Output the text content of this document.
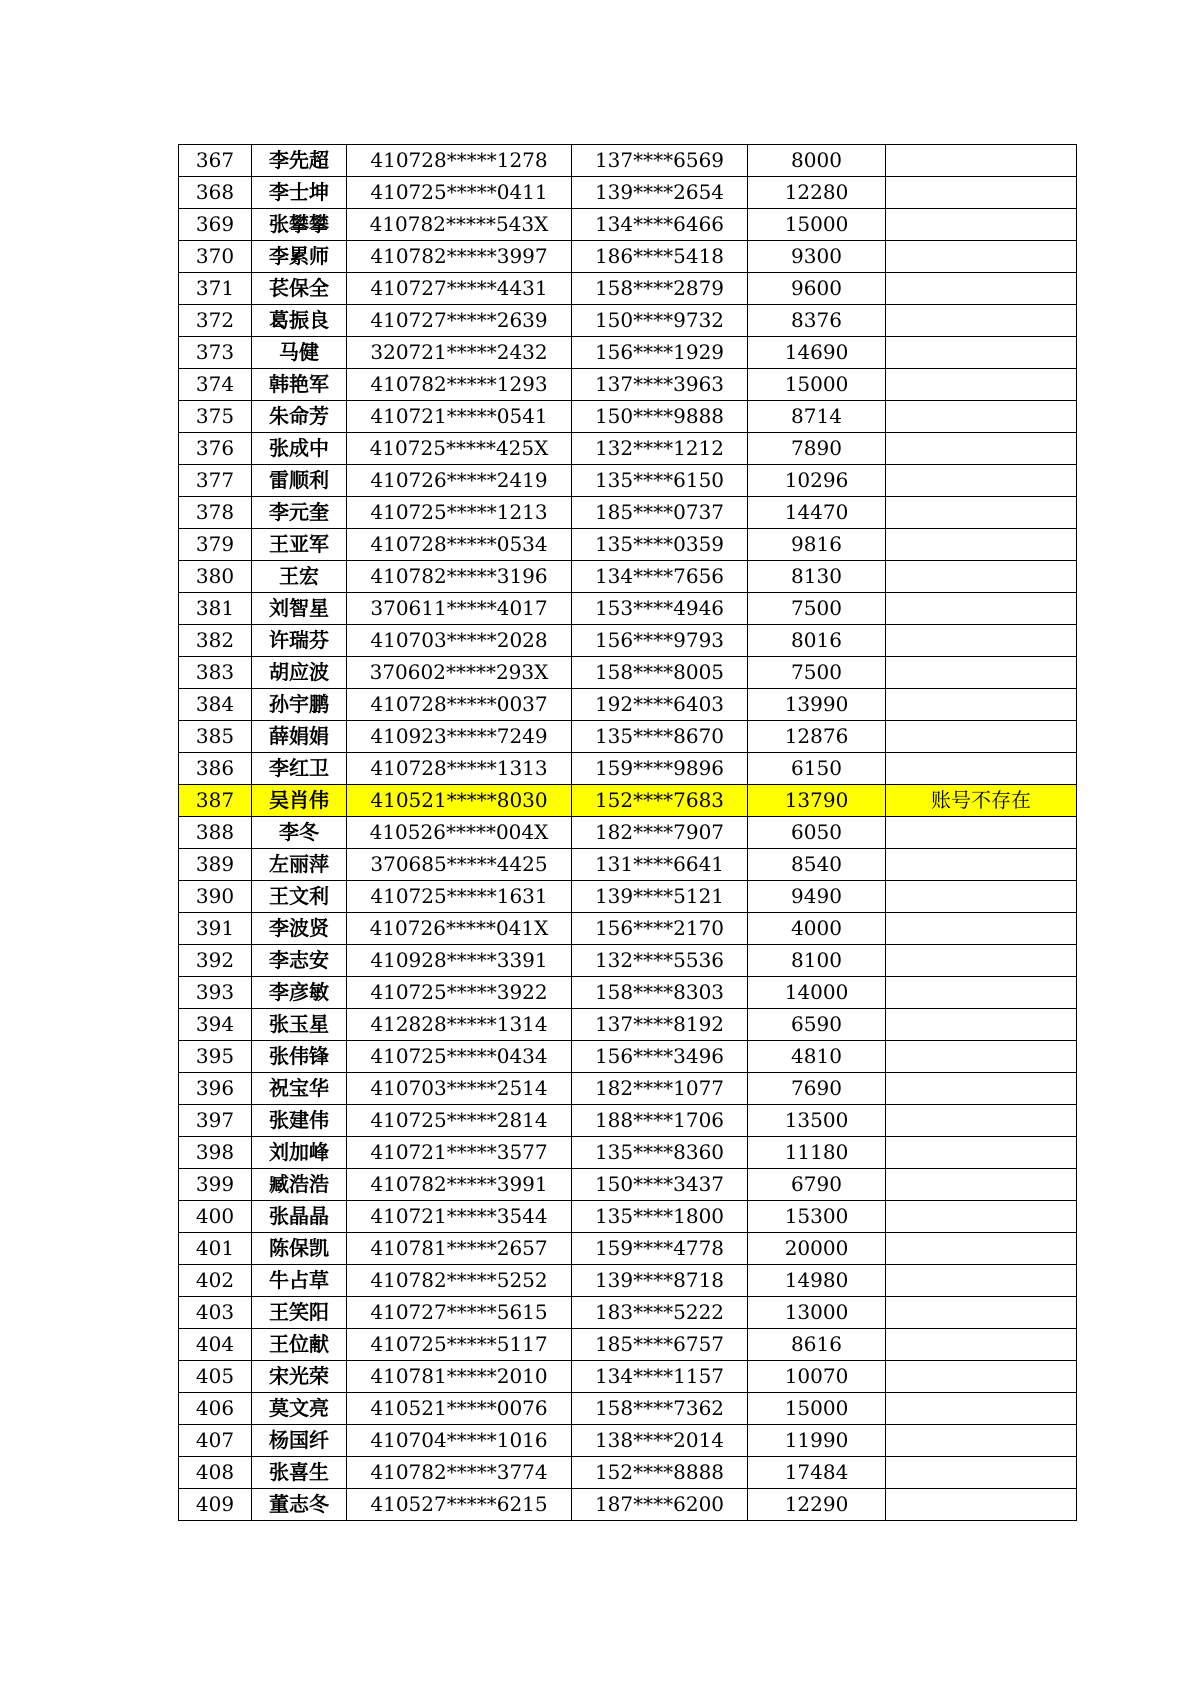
367	李先超	410728*****1278	137****6569	8000	
368	李士坤	410725*****0411	139****2654	12280	
369	张攀攀	410782*****543X	134****6466	15000	
370	李累师	410782*****3997	186****5418	9300	
371	苌保全	410727*****4431	158****2879	9600	
372	葛振良	410727*****2639	150****9732	8376	
373	马健	320721*****2432	156****1929	14690	
374	韩艳军	410782*****1293	137****3963	15000	
375	朱命芳	410721*****0541	150****9888	8714	
376	张成中	410725*****425X	132****1212	7890	
377	雷顺利	410726*****2419	135****6150	10296	
378	李元奎	410725*****1213	185****0737	14470	
379	王亚军	410728*****0534	135****0359	9816	
380	王宏	410782*****3196	134****7656	8130	
381	刘智星	370611*****4017	153****4946	7500	
382	许瑞芬	410703*****2028	156****9793	8016	
383	胡应波	370602*****293X	158****8005	7500	
384	孙宇鹏	410728*****0037	192****6403	13990	
385	薛娟娟	410923*****7249	135****8670	12876	
386	李红卫	410728*****1313	159****9896	6150	
387	吴肖伟	410521*****8030	152****7683	13790	账号不存在
388	李冬	410526*****004X	182****7907	6050	
389	左丽萍	370685*****4425	131****6641	8540	
390	王文利	410725*****1631	139****5121	9490	
391	李波贤	410726*****041X	156****2170	4000	
392	李志安	410928*****3391	132****5536	8100	
393	李彦敏	410725*****3922	158****8303	14000	
394	张玉星	412828*****1314	137****8192	6590	
395	张伟锋	410725*****0434	156****3496	4810	
396	祝宝华	410703*****2514	182****1077	7690	
397	张建伟	410725*****2814	188****1706	13500	
398	刘加峰	410721*****3577	135****8360	11180	
399	臧浩浩	410782*****3991	150****3437	6790	
400	张晶晶	410721*****3544	135****1800	15300	
401	陈保凯	410781*****2657	159****4778	20000	
402	牛占草	410782*****5252	139****8718	14980	
403	王笑阳	410727*****5615	183****5222	13000	
404	王位献	410725*****5117	185****6757	8616	
405	宋光荣	410781*****2010	134****1157	10070	
406	莫文亮	410521*****0076	158****7362	15000	
407	杨国纤	410704*****1016	138****2014	11990	
408	张喜生	410782*****3774	152****8888	17484	
409	董志冬	410527*****6215	187****6200	12290	
